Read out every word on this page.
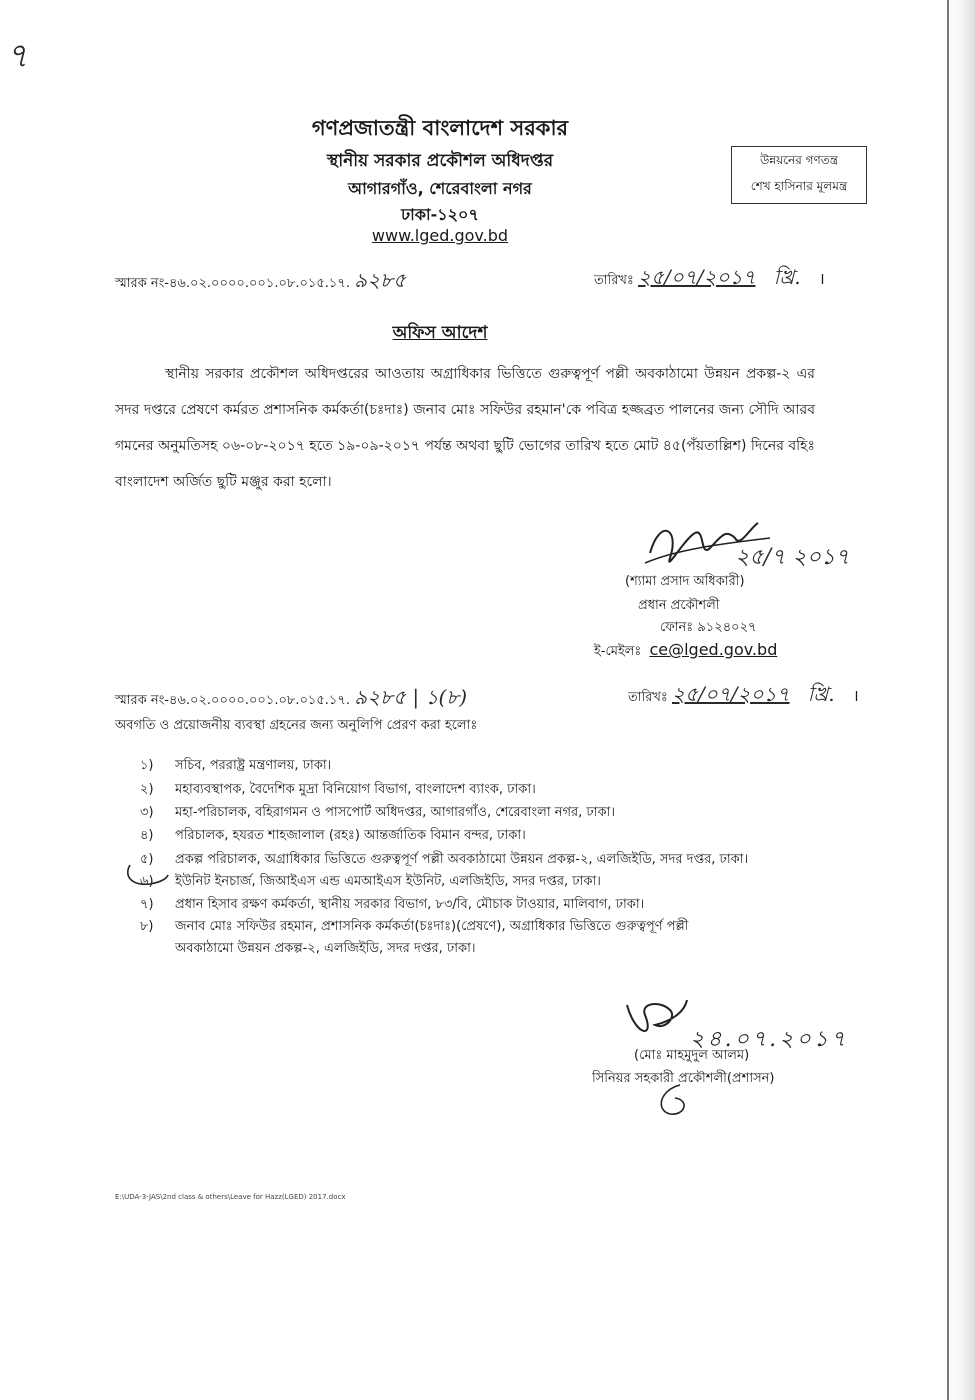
৭
গণপ্রজাতন্ত্রী বাংলাদেশ সরকার
স্থানীয় সরকার প্রকৌশল অধিদপ্তর
আগারগাঁও, শেরেবাংলা নগর
ঢাকা-১২০৭
www.lged.gov.bd
উন্নয়নের গণতন্ত্র
শেখ হাসিনার মূলমন্ত্র
স্মারক নং-৪৬.০২.০০০০.০০১.০৮.০১৫.১৭. ৯২৮৫	তারিখঃ ২৫/০৭/২০১৭ খ্রি. ।
অফিস আদেশ
স্থানীয় সরকার প্রকৌশল অধিদপ্তরের আওতায় অগ্রাধিকার ভিত্তিতে গুরুত্বপূর্ণ পল্লী অবকাঠামো উন্নয়ন প্রকল্প-২ এর সদর দপ্তরে প্রেষণে কর্মরত প্রশাসনিক কর্মকর্তা(চঃদাঃ) জনাব মোঃ সফিউর রহমান'কে পবিত্র হজ্জব্রত পালনের জন্য সৌদি আরব গমনের অনুমতিসহ ০৬-০৮-২০১৭ হতে ১৯-০৯-২০১৭ পর্যন্ত অথবা ছুটি ভোগের তারিখ হতে মোট ৪৫(পঁয়তাল্লিশ) দিনের বহিঃ বাংলাদেশ অর্জিত ছুটি মঞ্জুর করা হলো।
২৫/৭ ২০১৭
(শ্যামা প্রসাদ অধিকারী)
প্রধান প্রকৌশলী
ফোনঃ ৯১২৪০২৭
ই-মেইলঃ ce@lged.gov.bd
স্মারক নং-৪৬.০২.০০০০.০০১.০৮.০১৫.১৭. ৯২৮৫ | ১(৮)	তারিখঃ ২৫/০৭/২০১৭ খ্রি. ।
অবগতি ও প্রয়োজনীয় ব্যবস্থা গ্রহনের জন্য অনুলিপি প্রেরণ করা হলোঃ
১) সচিব, পররাষ্ট্র মন্ত্রণালয়, ঢাকা।
২) মহাব্যবস্থাপক, বৈদেশিক মুদ্রা বিনিয়োগ বিভাগ, বাংলাদেশ ব্যাংক, ঢাকা।
৩) মহা-পরিচালক, বহিরাগমন ও পাসপোর্ট অধিদপ্তর, আগারগাঁও, শেরেবাংলা নগর, ঢাকা।
৪) পরিচালক, হযরত শাহজালাল (রহঃ) আন্তর্জাতিক বিমান বন্দর, ঢাকা।
৫) প্রকল্প পরিচালক, অগ্রাধিকার ভিত্তিতে গুরুত্বপূর্ণ পল্লী অবকাঠামো উন্নয়ন প্রকল্প-২, এলজিইডি, সদর দপ্তর, ঢাকা।
৬) ইউনিট ইনচার্জ, জিআইএস এন্ড এমআইএস ইউনিট, এলজিইডি, সদর দপ্তর, ঢাকা।
৭) প্রধান হিসাব রক্ষণ কর্মকর্তা, স্থানীয় সরকার বিভাগ, ৮৩/বি, মৌচাক টাওয়ার, মালিবাগ, ঢাকা।
৮) জনাব মোঃ সফিউর রহমান, প্রশাসনিক কর্মকর্তা(চঃদাঃ)(প্রেষণে), অগ্রাধিকার ভিত্তিতে গুরুত্বপূর্ণ পল্লী
অবকাঠামো উন্নয়ন প্রকল্প-২, এলজিইডি, সদর দপ্তর, ঢাকা।
২৪.০৭.২০১৭
(মোঃ মাহমুদুল আলম)
সিনিয়র সহকারী প্রকৌশলী(প্রশাসন)
E:\UDA-3-JAS\2nd class & others\Leave for Hazz(LGED) 2017.docx
